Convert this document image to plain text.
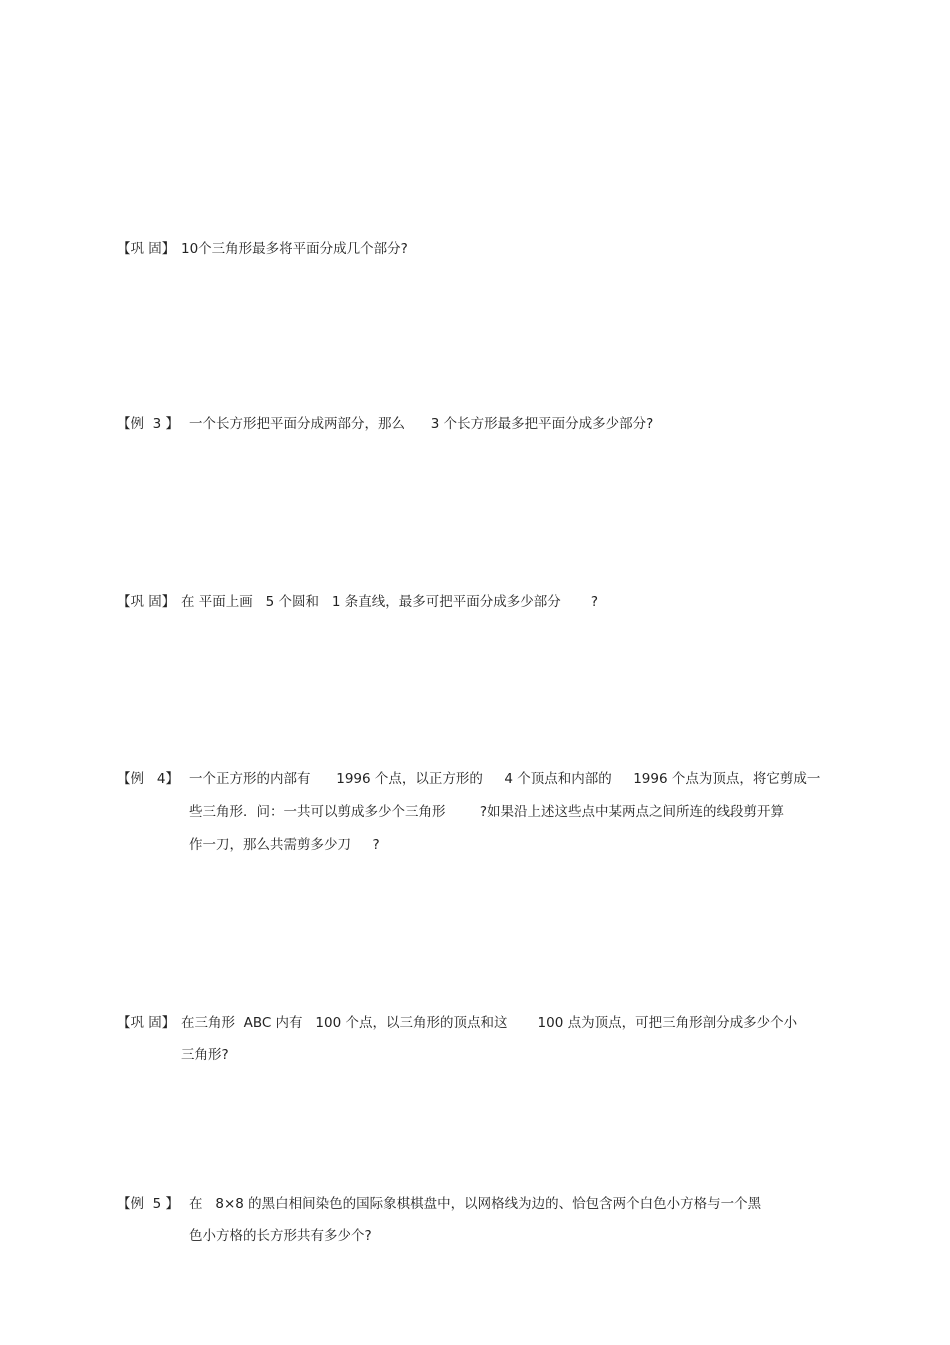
【巩 固】 10个三角形最多将平面分成几个部分?
【例  3 】 一个长方形把平面分成两部分，那么      3 个长方形最多把平面分成多少部分?
【巩 固】 在 平面上画   5 个圆和   1 条直线，最多可把平面分成多少部分       ?
【例   4】 一个正方形的内部有      1996 个点，以正方形的     4 个顶点和内部的     1996 个点为顶点，将它剪成一
些三角形．问：一共可以剪成多少个三角形        ?如果沿上述这些点中某两点之间所连的线段剪开算
作一刀，那么共需剪多少刀     ?
【巩 固】 在三角形  ABC 内有   100 个点，以三角形的顶点和这       100 点为顶点，可把三角形剖分成多少个小
三角形?
【例  5 】 在   8×8 的黑白相间染色的国际象棋棋盘中，以网格线为边的、恰包含两个白色小方格与一个黑
色小方格的长方形共有多少个?
